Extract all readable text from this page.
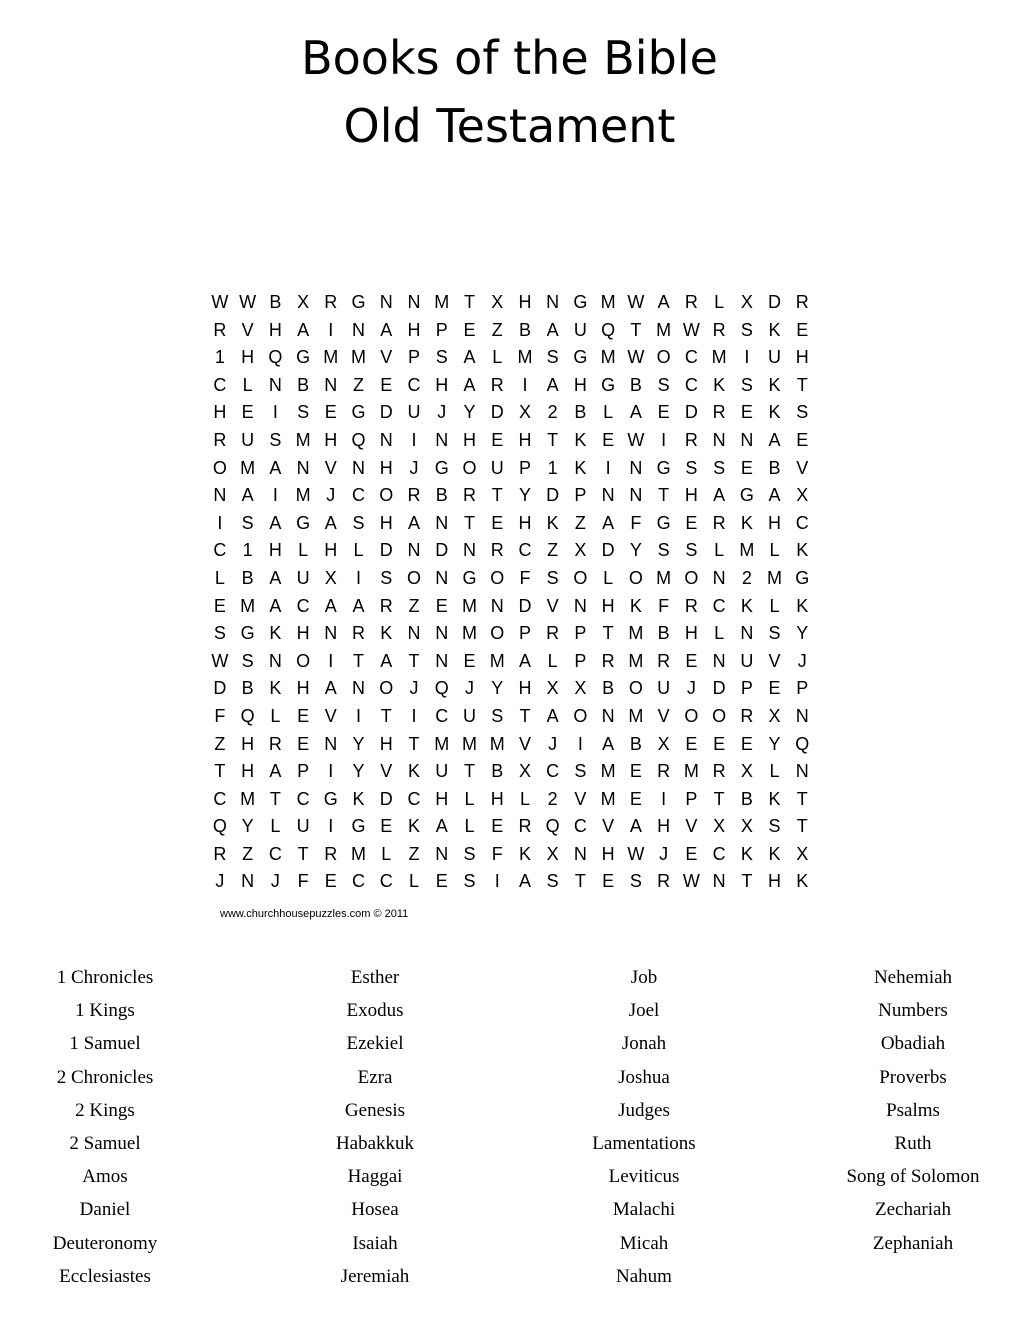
Books of the Bible
Old Testament
W W B X R G N N M T X H N G M W A R L X D R
R V H A	I	N A H P E Z B A U Q T M W R S K E
1 H Q G M M V P S A L M S G M W O C M I	U H
C L N B N Z E C H A R	I	A H G B S C K S K T
H E	I	S E G D U J Y D X 2 B L A E D R E K S
R U S M H Q N	I	N H E H T K E W I	R N N A E
O M A N V N H J G O U P 1 K	I	N G S S E B V
N A	I M J C O R B R T Y D P N N T H A G A X
I	S A G A S H A N T E H K Z A F G E R K H C
C 1 H L H L D N D N R C Z X D Y S S L M L K
L B A U X	I	S O N G O F S O L O M O N 2 M G
E M A C A A R Z E M N D V N H K F R C K L K
S G K H N R K N N M O P R P T M B H L N S Y
W S N O	I	T A T N E M A L P R M R E N U V J
D B K H A N O J Q J Y H X X B O U J D P E P
F Q L E V	I	T	I	C U S T A O N M V O O R X N
Z H R E N Y H T M M M V J	I	A B X E E E Y Q
T H A P	I	Y V K U T B X C S M E R M R X L N
C M T C G K D C H L H L 2 V M E	I	P T B K T
Q Y L U	I	G E K A L E R Q C V A H V X X S T
R Z C T R M L Z N S F K X N H W J E C K K X
J N J F E C C L E S	I	A S T E S R W N T H K
www.churchhousepuzzles.com © 2011
1 Chronicles
1 Kings
1 Samuel
2 Chronicles
2 Kings
2 Samuel
Amos
Daniel
Deuteronomy
Ecclesiastes
Esther
Exodus
Ezekiel
Ezra
Genesis
Habakkuk
Haggai
Hosea
Isaiah
Jeremiah
Job
Joel
Jonah
Joshua
Judges
Lamentations
Leviticus
Malachi
Micah
Nahum
Nehemiah
Numbers
Obadiah
Proverbs
Psalms
Ruth
Song of Solomon
Zechariah
Zephaniah
